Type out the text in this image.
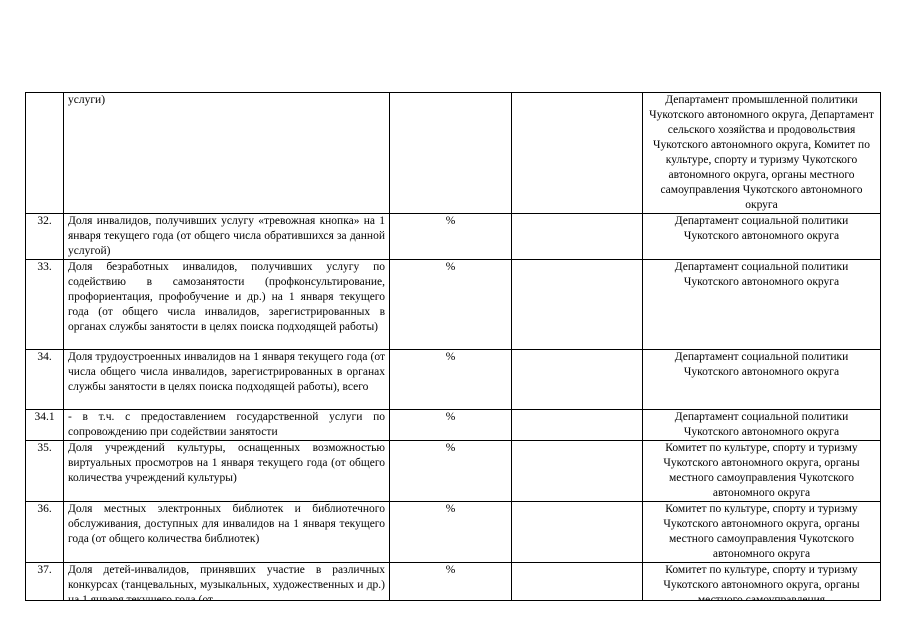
	услуги)			Департамент промышленной политики Чукотского автономного округа, Департамент сельского хозяйства и продовольствия Чукотского автономного округа, Комитет по культуре, спорту и туризму Чукотского автономного округа, органы местного самоуправления Чукотского автономного округа
32.	Доля инвалидов, получивших услугу «тревожная кнопка» на 1 января текущего года (от общего числа обратившихся за данной услугой)	%		Департамент социальной политики Чукотского автономного округа
33.	Доля безработных инвалидов, получивших услугу по содействию в самозанятости (профконсультирование, профориентация, профобучение и др.) на 1 января текущего года (от общего числа инвалидов, зарегистрированных в органах службы занятости в целях поиска подходящей работы)	%		Департамент социальной политики Чукотского автономного округа
34.	Доля трудоустроенных инвалидов на 1 января текущего года (от числа общего числа инвалидов, зарегистрированных в органах службы занятости в целях поиска подходящей работы), всего	%		Департамент социальной политики Чукотского автономного округа
34.1	- в т.ч. с предоставлением государственной услуги по сопровождению при содействии занятости	%		Департамент социальной политики Чукотского автономного округа
35.	Доля учреждений культуры, оснащенных возможностью виртуальных просмотров на 1 января текущего года (от общего количества учреждений культуры)	%		Комитет по культуре, спорту и туризму Чукотского автономного округа, органы местного самоуправления Чукотского автономного округа
36.	Доля местных электронных библиотек и библиотечного обслуживания, доступных для инвалидов на 1 января текущего года (от общего количества библиотек)	%		Комитет по культуре, спорту и туризму Чукотского автономного округа, органы местного самоуправления Чукотского автономного округа
37.	Доля детей-инвалидов, принявших участие в различных конкурсах (танцевальных, музыкальных, художественных и др.)	%		Комитет по культуре, спорту и туризму Чукотского автономного округа, органы
